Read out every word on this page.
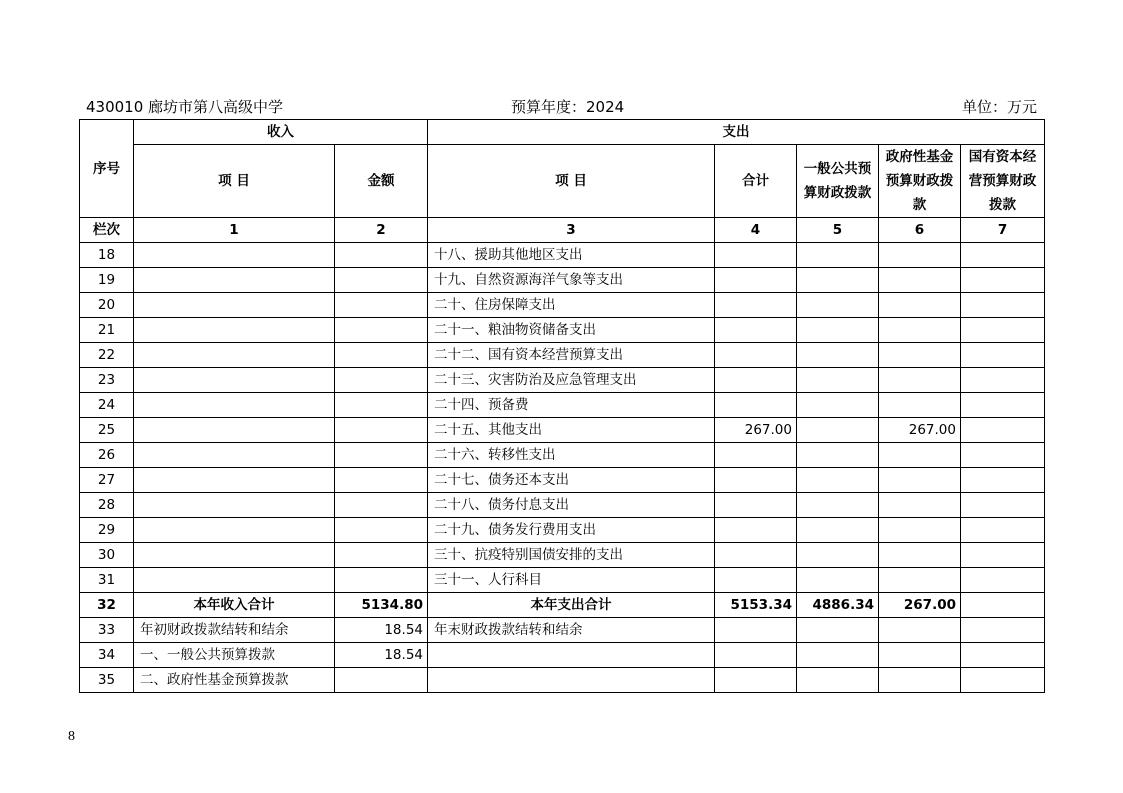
430010 廊坊市第八高级中学	预算年度：2024	单位：万元
序号	收入		支出				
	项 目	金额	项 目	合计	一般公共预算财政拨款	政府性基金预算财政拨款	国有资本经营预算财政拨款
栏次	1	2	3	4	5	6	7
18			十八、援助其他地区支出				
19			十九、自然资源海洋气象等支出				
20			二十、住房保障支出				
21			二十一、粮油物资储备支出				
22			二十二、国有资本经营预算支出				
23			二十三、灾害防治及应急管理支出				
24			二十四、预备费				
25			二十五、其他支出	267.00		267.00	
26			二十六、转移性支出				
27			二十七、债务还本支出				
28			二十八、债务付息支出				
29			二十九、债务发行费用支出				
30			三十、抗疫特别国债安排的支出				
31			三十一、人行科目				
32	本年收入合计	5134.80	本年支出合计	5153.34	4886.34	267.00	
33	年初财政拨款结转和结余	18.54	年末财政拨款结转和结余				
34	一、一般公共预算拨款	18.54					
35	二、政府性基金预算拨款						
8
